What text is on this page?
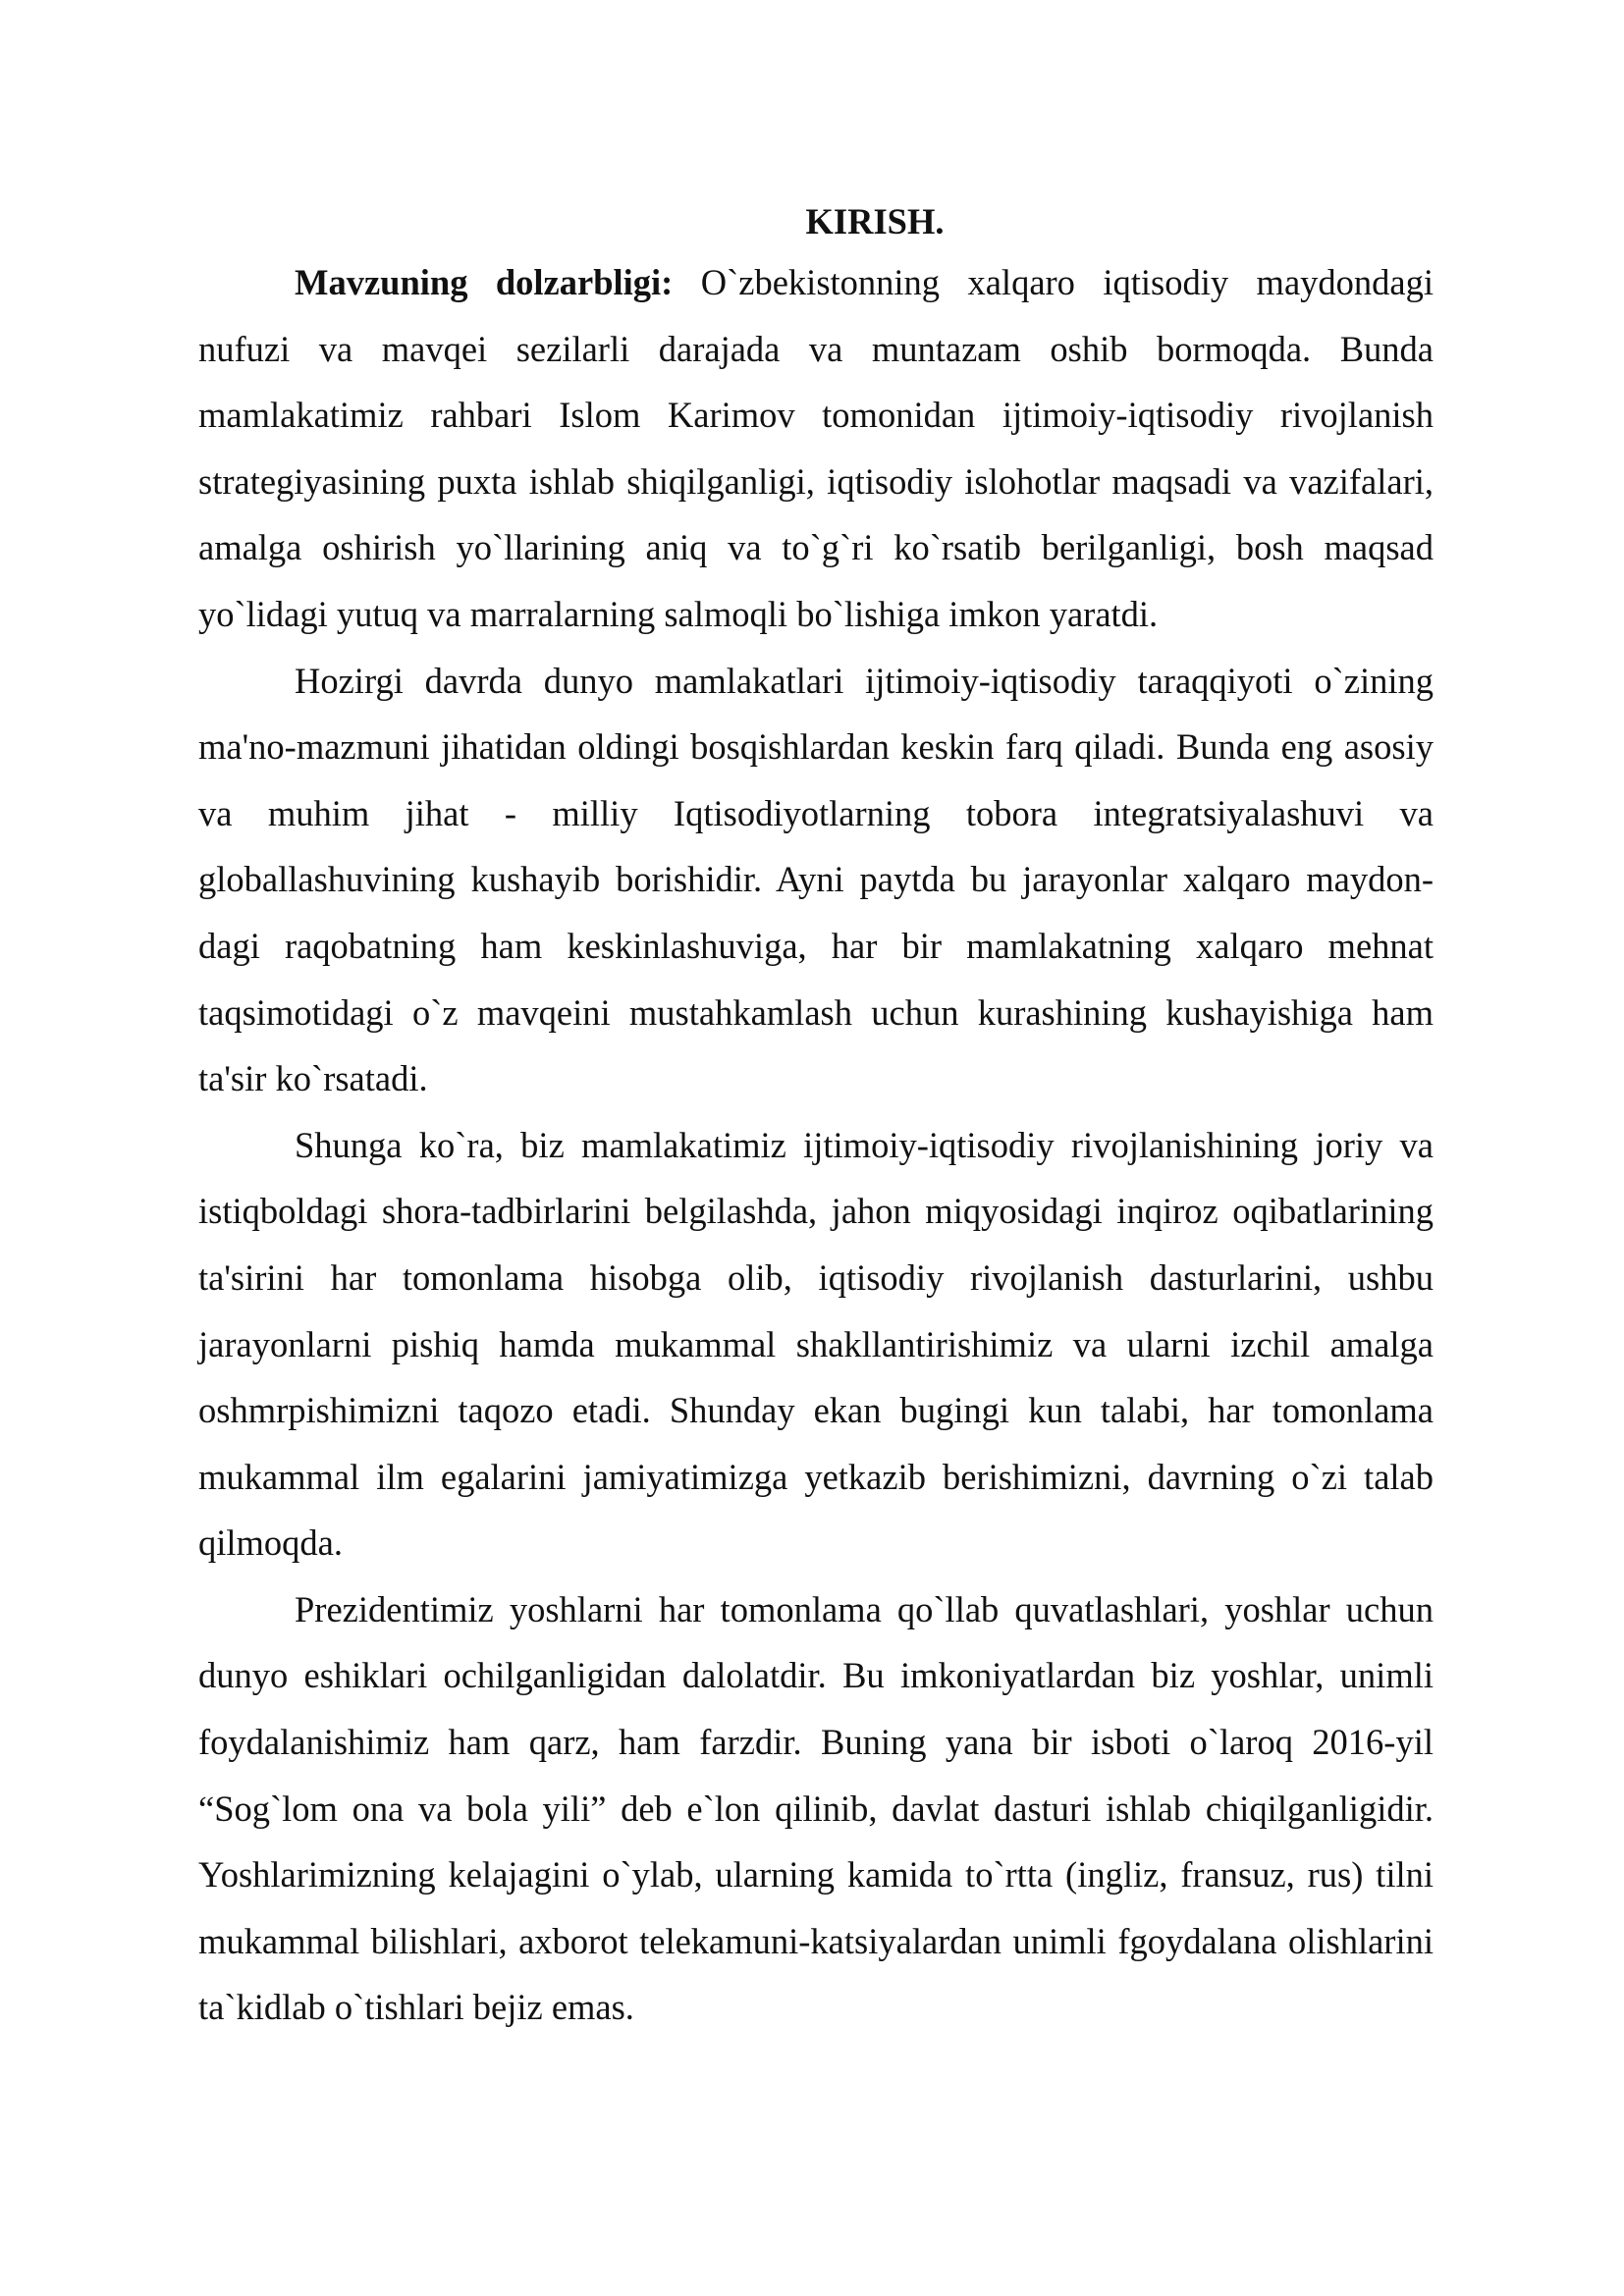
KIRISH.

Mavzuning dolzarbligi: O`zbekistonning xalqaro iqtisodiy maydondagi nufuzi va mavqei sezilarli darajada va muntazam oshib bormoqda. Bunda mamlakatimiz rahbari Islom Karimov tomonidan ijtimoiy-iqtisodiy rivojlanish strategiyasining puxta ishlab shiqilganligi, iqtisodiy islohotlar maqsadi va vazifalari, amalga oshirish yo`llarining aniq va to`g`ri ko`rsatib berilganligi, bosh maqsad yo`lidagi yutuq va marralarning salmoqli bo`lishiga imkon yaratdi.

Hozirgi davrda dunyo mamlakatlari ijtimoiy-iqtisodiy taraqqiyoti o`zining ma'no-mazmuni jihatidan oldingi bosqishlardan keskin farq qiladi. Bunda eng asosiy va muhim jihat - milliy Iqtisodiyotlarning tobora integratsiyalashuvi va globallashuvining kushayib borishidir. Ayni paytda bu jarayonlar xalqaro maydon- dagi raqobatning ham keskinlashuviga, har bir mamlakatning xalqaro mehnat taqsimotidagi o`z mavqeini mustahkamlash uchun kurashining kushayishiga ham ta'sir ko`rsatadi.

Shunga ko`ra, biz mamlakatimiz ijtimoiy-iqtisodiy rivojlanishining joriy va istiqboldagi shora-tadbirlarini belgilashda, jahon miqyosidagi inqiroz oqibatlarining ta'sirini har tomonlama hisobga olib, iqtisodiy rivojlanish dasturlarini, ushbu jarayonlarni pishiq hamda mukammal shakllantirishimiz va ularni izchil amalga oshmrpishimizni taqozo etadi. Shunday ekan bugingi kun talabi, har tomonlama mukammal ilm egalarini jamiyatimizga yetkazib berishimizni, davrning o`zi talab qilmoqda.

Prezidentimiz yoshlarni har tomonlama qo`llab quvatlashlari, yoshlar uchun dunyo eshiklari ochilganligidan dalolatdir. Bu imkoniyatlardan biz yoshlar, unimli foydalanishimiz ham qarz, ham farzdir. Buning yana bir isboti o`laroq 2016-yil “Sog`lom ona va bola yili” deb e`lon qilinib, davlat dasturi ishlab chiqilganligidir. Yoshlarimizning kelajagini o`ylab, ularning kamida to`rtta (ingliz, fransuz, rus) tilni mukammal bilishlari, axborot telekamuni-katsiyalardan unimli fgoydalana olishlarini ta`kidlab o`tishlari bejiz emas.
